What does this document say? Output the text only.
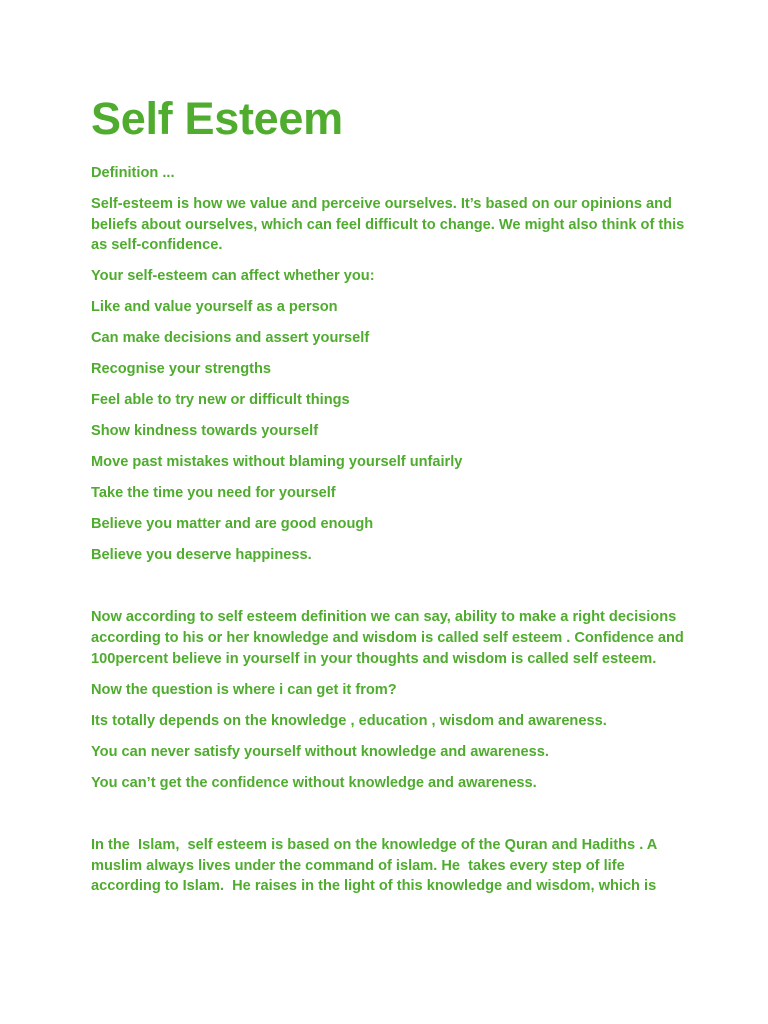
Self Esteem

Definition ...

Self-esteem is how we value and perceive ourselves. It’s based on our opinions and beliefs about ourselves, which can feel difficult to change. We might also think of this as self-confidence.

Your self-esteem can affect whether you:

Like and value yourself as a person

Can make decisions and assert yourself

Recognise your strengths

Feel able to try new or difficult things

Show kindness towards yourself

Move past mistakes without blaming yourself unfairly

Take the time you need for yourself

Believe you matter and are good enough

Believe you deserve happiness.

Now according to self esteem definition we can say, ability to make a right decisions according to his or her knowledge and wisdom is called self esteem . Confidence and 100percent believe in yourself in your thoughts and wisdom is called self esteem.

Now the question is where i can get it from?

Its totally depends on the knowledge , education , wisdom and awareness.

You can never satisfy yourself without knowledge and awareness.

You can’t get the confidence without knowledge and awareness.

In the  Islam,  self esteem is based on the knowledge of the Quran and Hadiths . A muslim always lives under the command of islam. He  takes every step of life according to Islam.  He raises in the light of this knowledge and wisdom, which is
